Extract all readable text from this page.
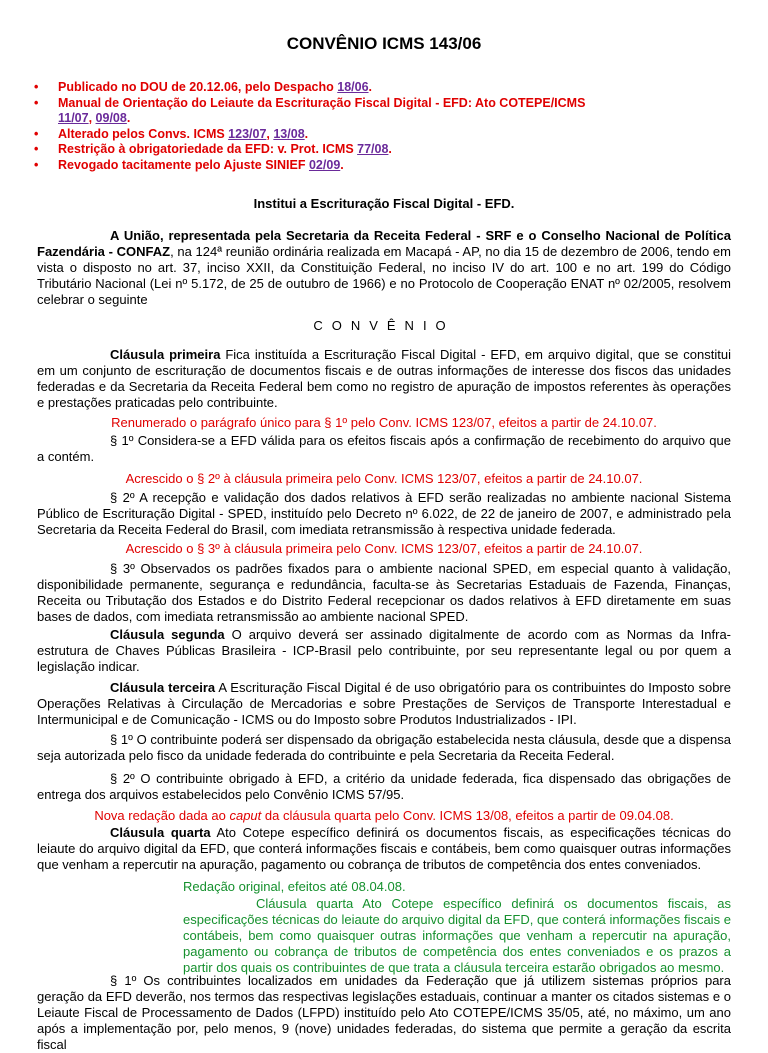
CONVÊNIO ICMS 143/06
• Publicado no DOU de 20.12.06, pelo Despacho 18/06.
• Manual de Orientação do Leiaute da Escrituração Fiscal Digital - EFD: Ato COTEPE/ICMS 11/07, 09/08.
• Alterado pelos Convs. ICMS 123/07, 13/08.
• Restrição à obrigatoriedade da EFD: v. Prot. ICMS 77/08.
• Revogado tacitamente pelo Ajuste SINIEF 02/09.
Institui a Escrituração Fiscal Digital - EFD.
A União, representada pela Secretaria da Receita Federal - SRF e o Conselho Nacional de Política Fazendária - CONFAZ, na 124ª reunião ordinária realizada em Macapá - AP, no dia 15 de dezembro de 2006, tendo em vista o disposto no art. 37, inciso XXII, da Constituição Federal, no inciso IV do art. 100 e no art. 199 do Código Tributário Nacional (Lei nº 5.172, de 25 de outubro de 1966) e no Protocolo de Cooperação ENAT nº 02/2005, resolvem celebrar o seguinte
CONVÊNIO
Cláusula primeira Fica instituída a Escrituração Fiscal Digital - EFD, em arquivo digital, que se constitui em um conjunto de escrituração de documentos fiscais e de outras informações de interesse dos fiscos das unidades federadas e da Secretaria da Receita Federal bem como no registro de apuração de impostos referentes às operações e prestações praticadas pelo contribuinte.
Renumerado o parágrafo único para § 1º pelo Conv. ICMS 123/07, efeitos a partir de 24.10.07.
§ 1º Considera-se a EFD válida para os efeitos fiscais após a confirmação de recebimento do arquivo que a contém.
Acrescido o § 2º à cláusula primeira pelo Conv. ICMS 123/07, efeitos a partir de 24.10.07.
§ 2º A recepção e validação dos dados relativos à EFD serão realizadas no ambiente nacional Sistema Público de Escrituração Digital - SPED, instituído pelo Decreto nº 6.022, de 22 de janeiro de 2007, e administrado pela Secretaria da Receita Federal do Brasil, com imediata retransmissão à respectiva unidade federada.
Acrescido o § 3º à cláusula primeira pelo Conv. ICMS 123/07, efeitos a partir de 24.10.07.
§ 3º Observados os padrões fixados para o ambiente nacional SPED, em especial quanto à validação, disponibilidade permanente, segurança e redundância, faculta-se às Secretarias Estaduais de Fazenda, Finanças, Receita ou Tributação dos Estados e do Distrito Federal recepcionar os dados relativos à EFD diretamente em suas bases de dados, com imediata retransmissão ao ambiente nacional SPED.
Cláusula segunda O arquivo deverá ser assinado digitalmente de acordo com as Normas da Infra-estrutura de Chaves Públicas Brasileira - ICP-Brasil pelo contribuinte, por seu representante legal ou por quem a legislação indicar.
Cláusula terceira A Escrituração Fiscal Digital é de uso obrigatório para os contribuintes do Imposto sobre Operações Relativas à Circulação de Mercadorias e sobre Prestações de Serviços de Transporte Interestadual e Intermunicipal e de Comunicação - ICMS ou do Imposto sobre Produtos Industrializados - IPI.
§ 1º O contribuinte poderá ser dispensado da obrigação estabelecida nesta cláusula, desde que a dispensa seja autorizada pelo fisco da unidade federada do contribuinte e pela Secretaria da Receita Federal.
§ 2º O contribuinte obrigado à EFD, a critério da unidade federada, fica dispensado das obrigações de entrega dos arquivos estabelecidos pelo Convênio ICMS 57/95.
Nova redação dada ao caput da cláusula quarta pelo Conv. ICMS 13/08, efeitos a partir de 09.04.08.
Cláusula quarta Ato Cotepe específico definirá os documentos fiscais, as especificações técnicas do leiaute do arquivo digital da EFD, que conterá informações fiscais e contábeis, bem como quaisquer outras informações que venham a repercutir na apuração, pagamento ou cobrança de tributos de competência dos entes conveniados.
Redação original, efeitos até 08.04.08.
Cláusula quarta Ato Cotepe específico definirá os documentos fiscais, as especificações técnicas do leiaute do arquivo digital da EFD, que conterá informações fiscais e contábeis, bem como quaisquer outras informações que venham a repercutir na apuração, pagamento ou cobrança de tributos de competência dos entes conveniados e os prazos a partir dos quais os contribuintes de que trata a cláusula terceira estarão obrigados ao mesmo.
§ 1º Os contribuintes localizados em unidades da Federação que já utilizem sistemas próprios para geração da EFD deverão, nos termos das respectivas legislações estaduais, continuar a manter os citados sistemas e o Leiaute Fiscal de Processamento de Dados (LFPD) instituído pelo Ato COTEPE/ICMS 35/05, até, no máximo, um ano após a implementação por, pelo menos, 9 (nove) unidades federadas, do sistema que permite a geração da escrita fiscal
